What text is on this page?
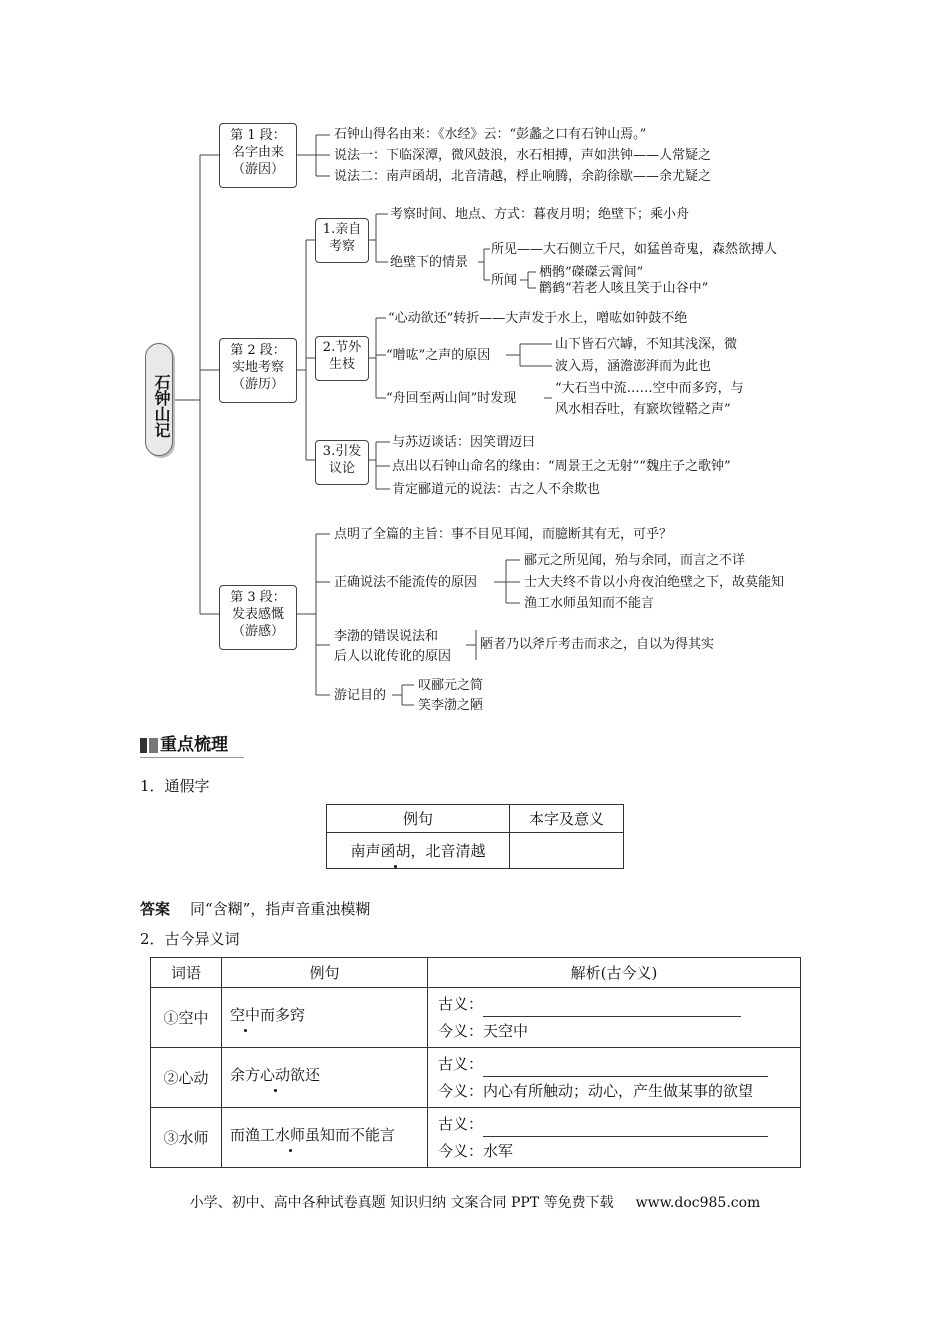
石钟山记
第 1 段：
名字由来
（游因）
石钟山得名由来：《水经》云：“彭蠡之口有石钟山焉。”
说法一：下临深潭，微风鼓浪，水石相搏，声如洪钟——人常疑之
说法二：南声函胡，北音清越，桴止响腾，余韵徐歇——余尤疑之
第 2 段：
实地考察
（游历）
1.亲自
考察
考察时间、地点、方式：暮夜月明；绝壁下；乘小舟
绝壁下的情景
所见——大石侧立千尺，如猛兽奇鬼，森然欲搏人
所闻
栖鹘“磔磔云霄间”
鹳鹤“若老人咳且笑于山谷中”
2.节外
生枝
“心动欲还”转折——大声发于水上，噌吰如钟鼓不绝
“噌吰”之声的原因
山下皆石穴罅，不知其浅深，微
波入焉，涵澹澎湃而为此也
“舟回至两山间”时发现
“大石当中流……空中而多窍，与
风水相吞吐，有窾坎镗鞳之声”
3.引发
议论
与苏迈谈话：因笑谓迈曰
点出以石钟山命名的缘由：“周景王之无射”“魏庄子之歌钟”
肯定郦道元的说法：古之人不余欺也
第 3 段：
发表感慨
（游感）
点明了全篇的主旨：事不目见耳闻，而臆断其有无，可乎？
正确说法不能流传的原因
郦元之所见闻，殆与余同，而言之不详
士大夫终不肯以小舟夜泊绝壁之下，故莫能知
渔工水师虽知而不能言
李渤的错误说法和
后人以讹传讹的原因
陋者乃以斧斤考击而求之，自以为得其实
游记目的
叹郦元之简
笑李渤之陋
重点梳理
1．通假字
例句	本字及意义
南声函胡，北音清越	
答案 同“含糊”，指声音重浊模糊
2．古今异义词
词语	例句	解析(古今义)
①空中	空中而多窍	古义：
今义：天空中

②心动	余方心动欲还	古义：
今义：内心有所触动；动心，产生做某事的欲望

③水师	而渔工水师虽知而不能言	古义：
今义：水军
小学、初中、高中各种试卷真题 知识归纳 文案合同 PPT 等免费下载 www.doc985.com
